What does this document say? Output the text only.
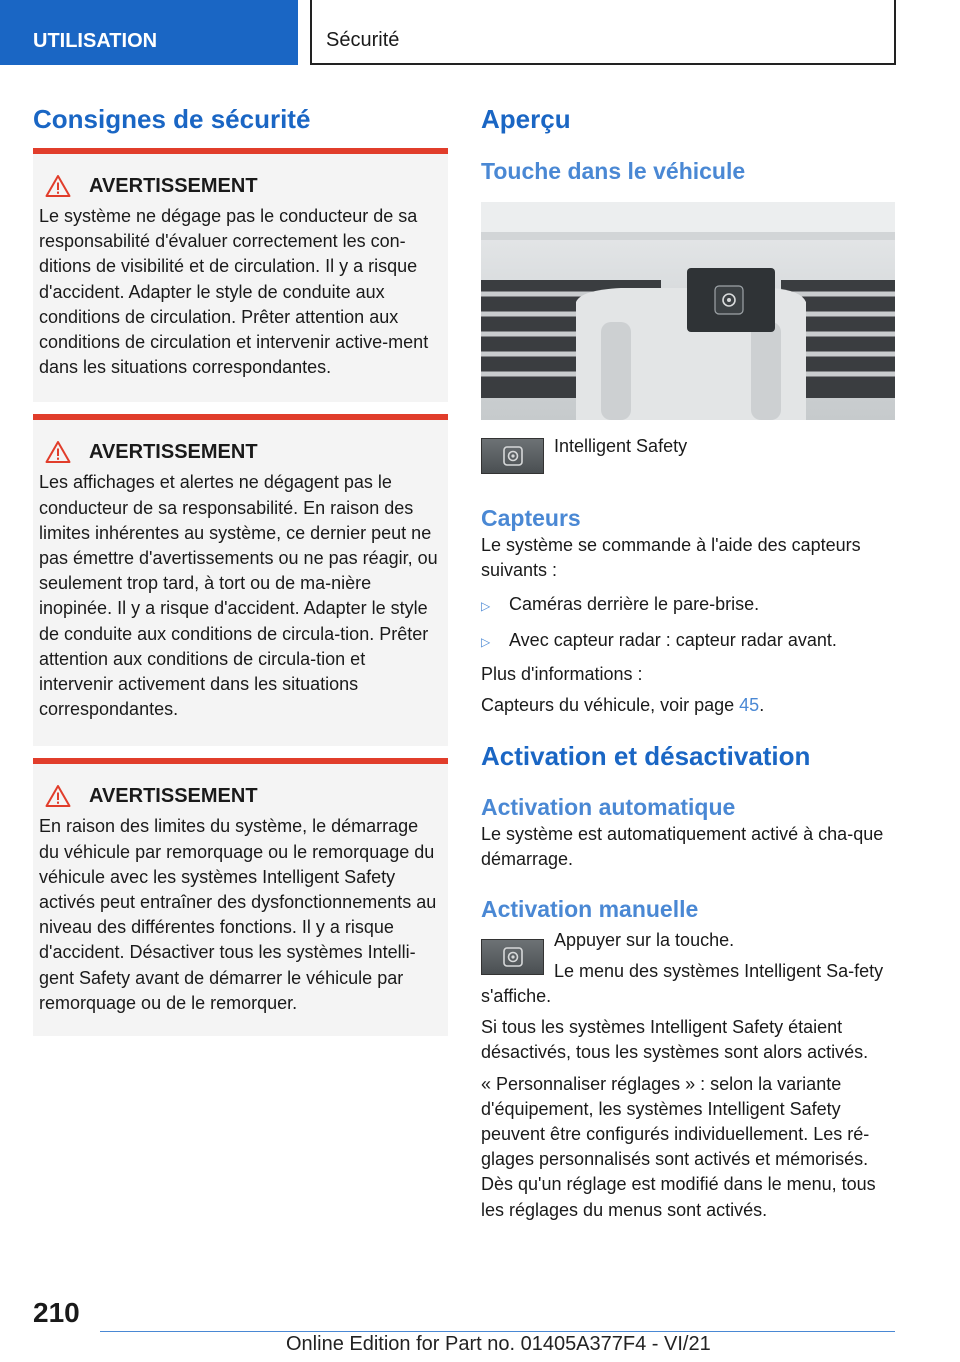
UTILISATION	Sécurité
Consignes de sécurité
AVERTISSEMENT

Le système ne dégage pas le conducteur de sa responsabilité d'évaluer correctement les con-ditions de visibilité et de circulation. Il y a risque d'accident. Adapter le style de conduite aux conditions de circulation. Prêter attention aux conditions de circulation et intervenir active-ment dans les situations correspondantes.

AVERTISSEMENT

Les affichages et alertes ne dégagent pas le conducteur de sa responsabilité. En raison des limites inhérentes au système, ce dernier peut ne pas émettre d'avertissements ou ne pas réagir, ou seulement trop tard, à tort ou de ma-nière inopinée. Il y a risque d'accident. Adapter le style de conduite aux conditions de circula-tion. Prêter attention aux conditions de circula-tion et intervenir activement dans les situations correspondantes.

AVERTISSEMENT

En raison des limites du système, le démarrage du véhicule par remorquage ou le remorquage du véhicule avec les systèmes Intelligent Safety activés peut entraîner des dysfonctionnements au niveau des différentes fonctions. Il y a risque d'accident. Désactiver tous les systèmes Intelli-gent Safety avant de démarrer le véhicule par remorquage ou de le remorquer.

Aperçu
Touche dans le véhicule

Intelligent Safety

Capteurs

Le système se commande à l'aide des capteurs suivants :

▷	Caméras derrière le pare-brise.
▷	Avec capteur radar : capteur radar avant.

Plus d'informations :

Capteurs du véhicule, voir page 45.

Activation et désactivation
Activation automatique

Le système est automatiquement activé à cha-que démarrage.

Activation manuelle

Appuyer sur la touche.

Le menu des systèmes Intelligent Sa-fety s'affiche.

Si tous les systèmes Intelligent Safety étaient désactivés, tous les systèmes sont alors activés.

« Personnaliser réglages » : selon la variante d'équipement, les systèmes Intelligent Safety peuvent être configurés individuellement. Les ré-glages personnalisés sont activés et mémorisés. Dès qu'un réglage est modifié dans le menu, tous les réglages du menus sont activés.

210
Online Edition for Part no. 01405A377F4 - VI/21
